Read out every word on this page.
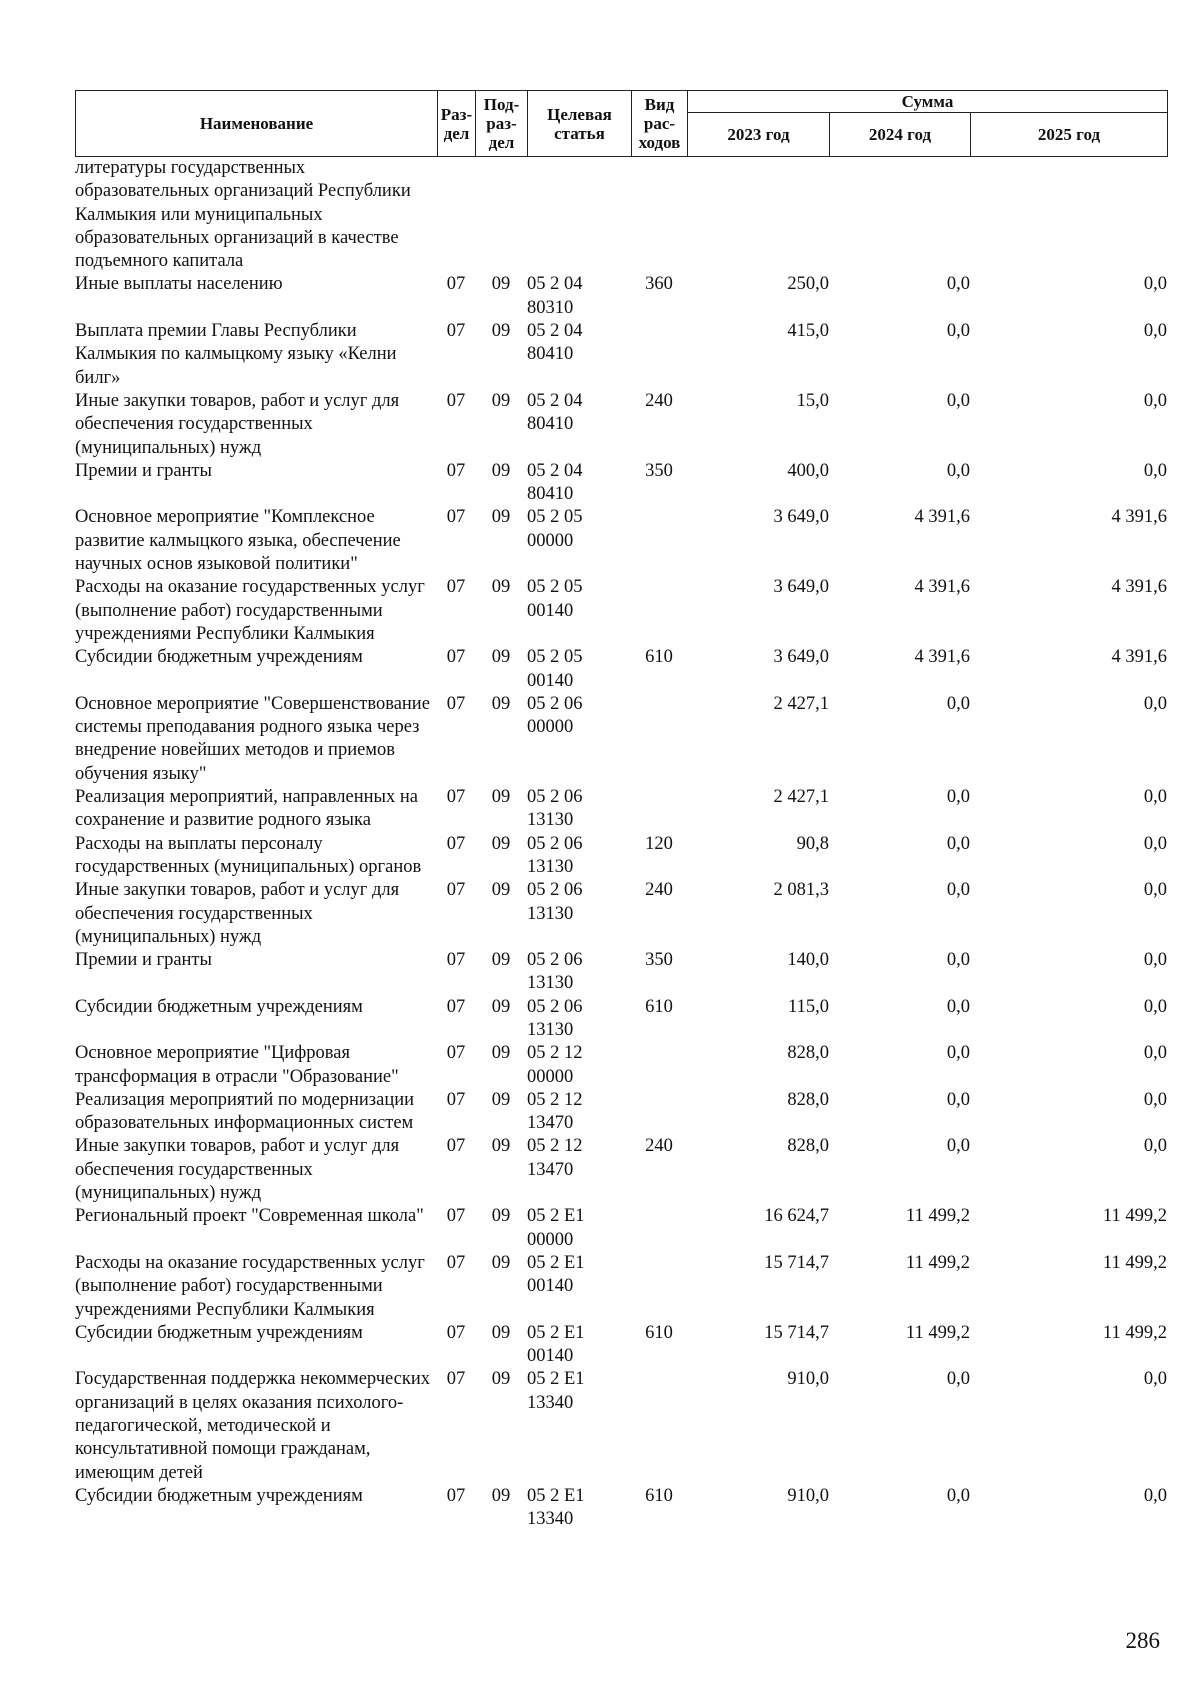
Наименование	Раз-дел	Под-раз-дел	Целевая статья	Вид рас-ходов	Сумма		
					2023 год	2024 год	2025 год
литературы государственных образовательных организаций Республики Калмыкия или муниципальных образовательных организаций в качестве подъемного капитала							
Иные выплаты населению	07	09	05 2 04 80310	360	250,0	0,0	0,0
Выплата премии Главы Республики Калмыкия по калмыцкому языку «Келни билг»	07	09	05 2 04 80410		415,0	0,0	0,0
Иные закупки товаров, работ и услуг для обеспечения государственных (муниципальных) нужд	07	09	05 2 04 80410	240	15,0	0,0	0,0
Премии и гранты	07	09	05 2 04 80410	350	400,0	0,0	0,0
Основное мероприятие "Комплексное развитие калмыцкого языка, обеспечение научных основ языковой политики"	07	09	05 2 05 00000		3 649,0	4 391,6	4 391,6
Расходы на оказание государственных услуг (выполнение работ) государственными учреждениями Республики Калмыкия	07	09	05 2 05 00140		3 649,0	4 391,6	4 391,6
Субсидии бюджетным учреждениям	07	09	05 2 05 00140	610	3 649,0	4 391,6	4 391,6
Основное мероприятие "Совершенствование системы преподавания родного языка через внедрение новейших методов и приемов обучения языку"	07	09	05 2 06 00000		2 427,1	0,0	0,0
Реализация мероприятий, направленных на сохранение и развитие родного языка	07	09	05 2 06 13130		2 427,1	0,0	0,0
Расходы на выплаты персоналу государственных (муниципальных) органов	07	09	05 2 06 13130	120	90,8	0,0	0,0
Иные закупки товаров, работ и услуг для обеспечения государственных (муниципальных) нужд	07	09	05 2 06 13130	240	2 081,3	0,0	0,0
Премии и гранты	07	09	05 2 06 13130	350	140,0	0,0	0,0
Субсидии бюджетным учреждениям	07	09	05 2 06 13130	610	115,0	0,0	0,0
Основное мероприятие "Цифровая трансформация в отрасли "Образование"	07	09	05 2 12 00000		828,0	0,0	0,0
Реализация мероприятий по модернизации образовательных информационных систем	07	09	05 2 12 13470		828,0	0,0	0,0
Иные закупки товаров, работ и услуг для обеспечения государственных (муниципальных) нужд	07	09	05 2 12 13470	240	828,0	0,0	0,0
Региональный проект "Современная школа"	07	09	05 2 E1 00000		16 624,7	11 499,2	11 499,2
Расходы на оказание государственных услуг (выполнение работ) государственными учреждениями Республики Калмыкия	07	09	05 2 E1 00140		15 714,7	11 499,2	11 499,2
Субсидии бюджетным учреждениям	07	09	05 2 E1 00140	610	15 714,7	11 499,2	11 499,2
Государственная поддержка некоммерческих организаций в целях оказания психолого-педагогической, методической и консультативной помощи гражданам, имеющим детей	07	09	05 2 E1 13340		910,0	0,0	0,0
Субсидии бюджетным учреждениям	07	09	05 2 E1 13340	610	910,0	0,0	0,0
286
